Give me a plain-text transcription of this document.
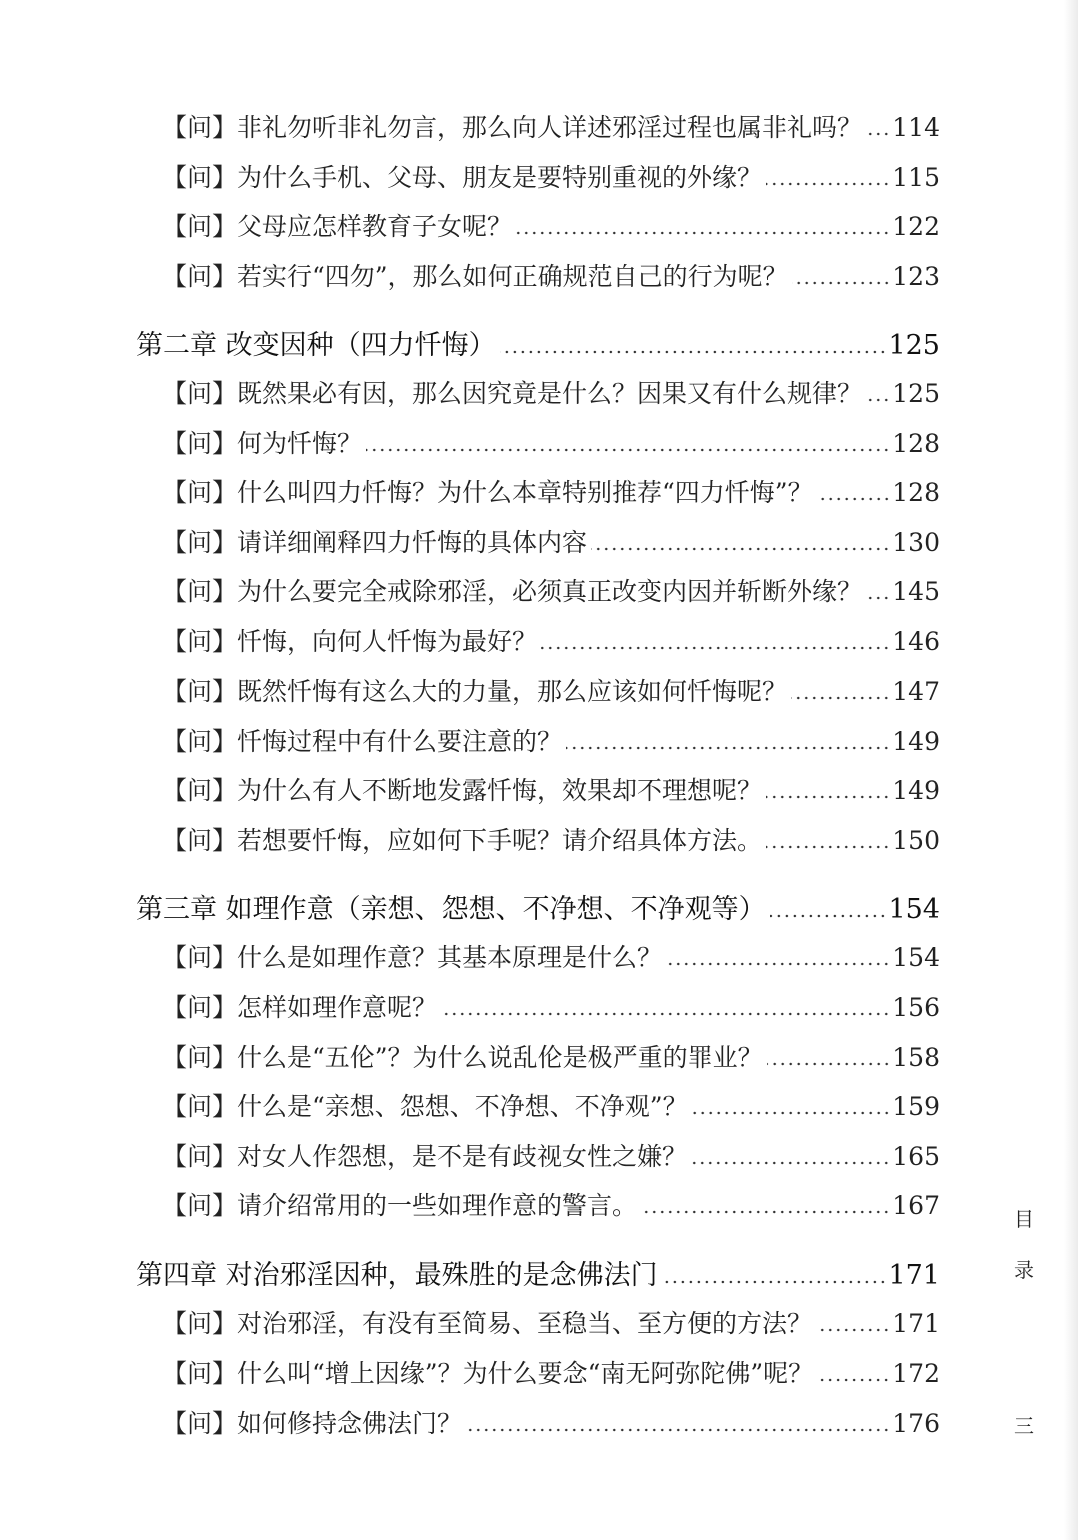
【问】非礼勿听非礼勿言，那么向人详述邪淫过程也属非礼吗？ 114
【问】为什么手机、父母、朋友是要特别重视的外缘？	115
【问】父母应怎样教育子女呢？	122
【问】若实行“四勿”，那么如何正确规范自己的行为呢？	123
第二章 改变因种（四力忏悔）	125
【问】既然果必有因，那么因究竟是什么？因果又有什么规律？ 125
【问】何为忏悔？	128
【问】什么叫四力忏悔？为什么本章特别推荐“四力忏悔”？	128
【问】请详细阐释四力忏悔的具体内容	130
【问】为什么要完全戒除邪淫，必须真正改变内因并斩断外缘？ 145
【问】忏悔，向何人忏悔为最好？	146
【问】既然忏悔有这么大的力量，那么应该如何忏悔呢？	147
【问】忏悔过程中有什么要注意的？	149
【问】为什么有人不断地发露忏悔，效果却不理想呢？	149
【问】若想要忏悔，应如何下手呢？请介绍具体方法。	150
第三章 如理作意（亲想、怨想、不净想、不净观等）	154
【问】什么是如理作意？其基本原理是什么？	154
【问】怎样如理作意呢？	156
【问】什么是“五伦”？为什么说乱伦是极严重的罪业？	158
【问】什么是“亲想、怨想、不净想、不净观”？	159
【问】对女人作怨想，是不是有歧视女性之嫌？	165
【问】请介绍常用的一些如理作意的警言。	167
第四章 对治邪淫因种，最殊胜的是念佛法门	171
【问】对治邪淫，有没有至简易、至稳当、至方便的方法？	171
【问】什么叫“增上因缘”？为什么要念“南无阿弥陀佛”呢？	172
【问】如何修持念佛法门？	176
目
录
三
